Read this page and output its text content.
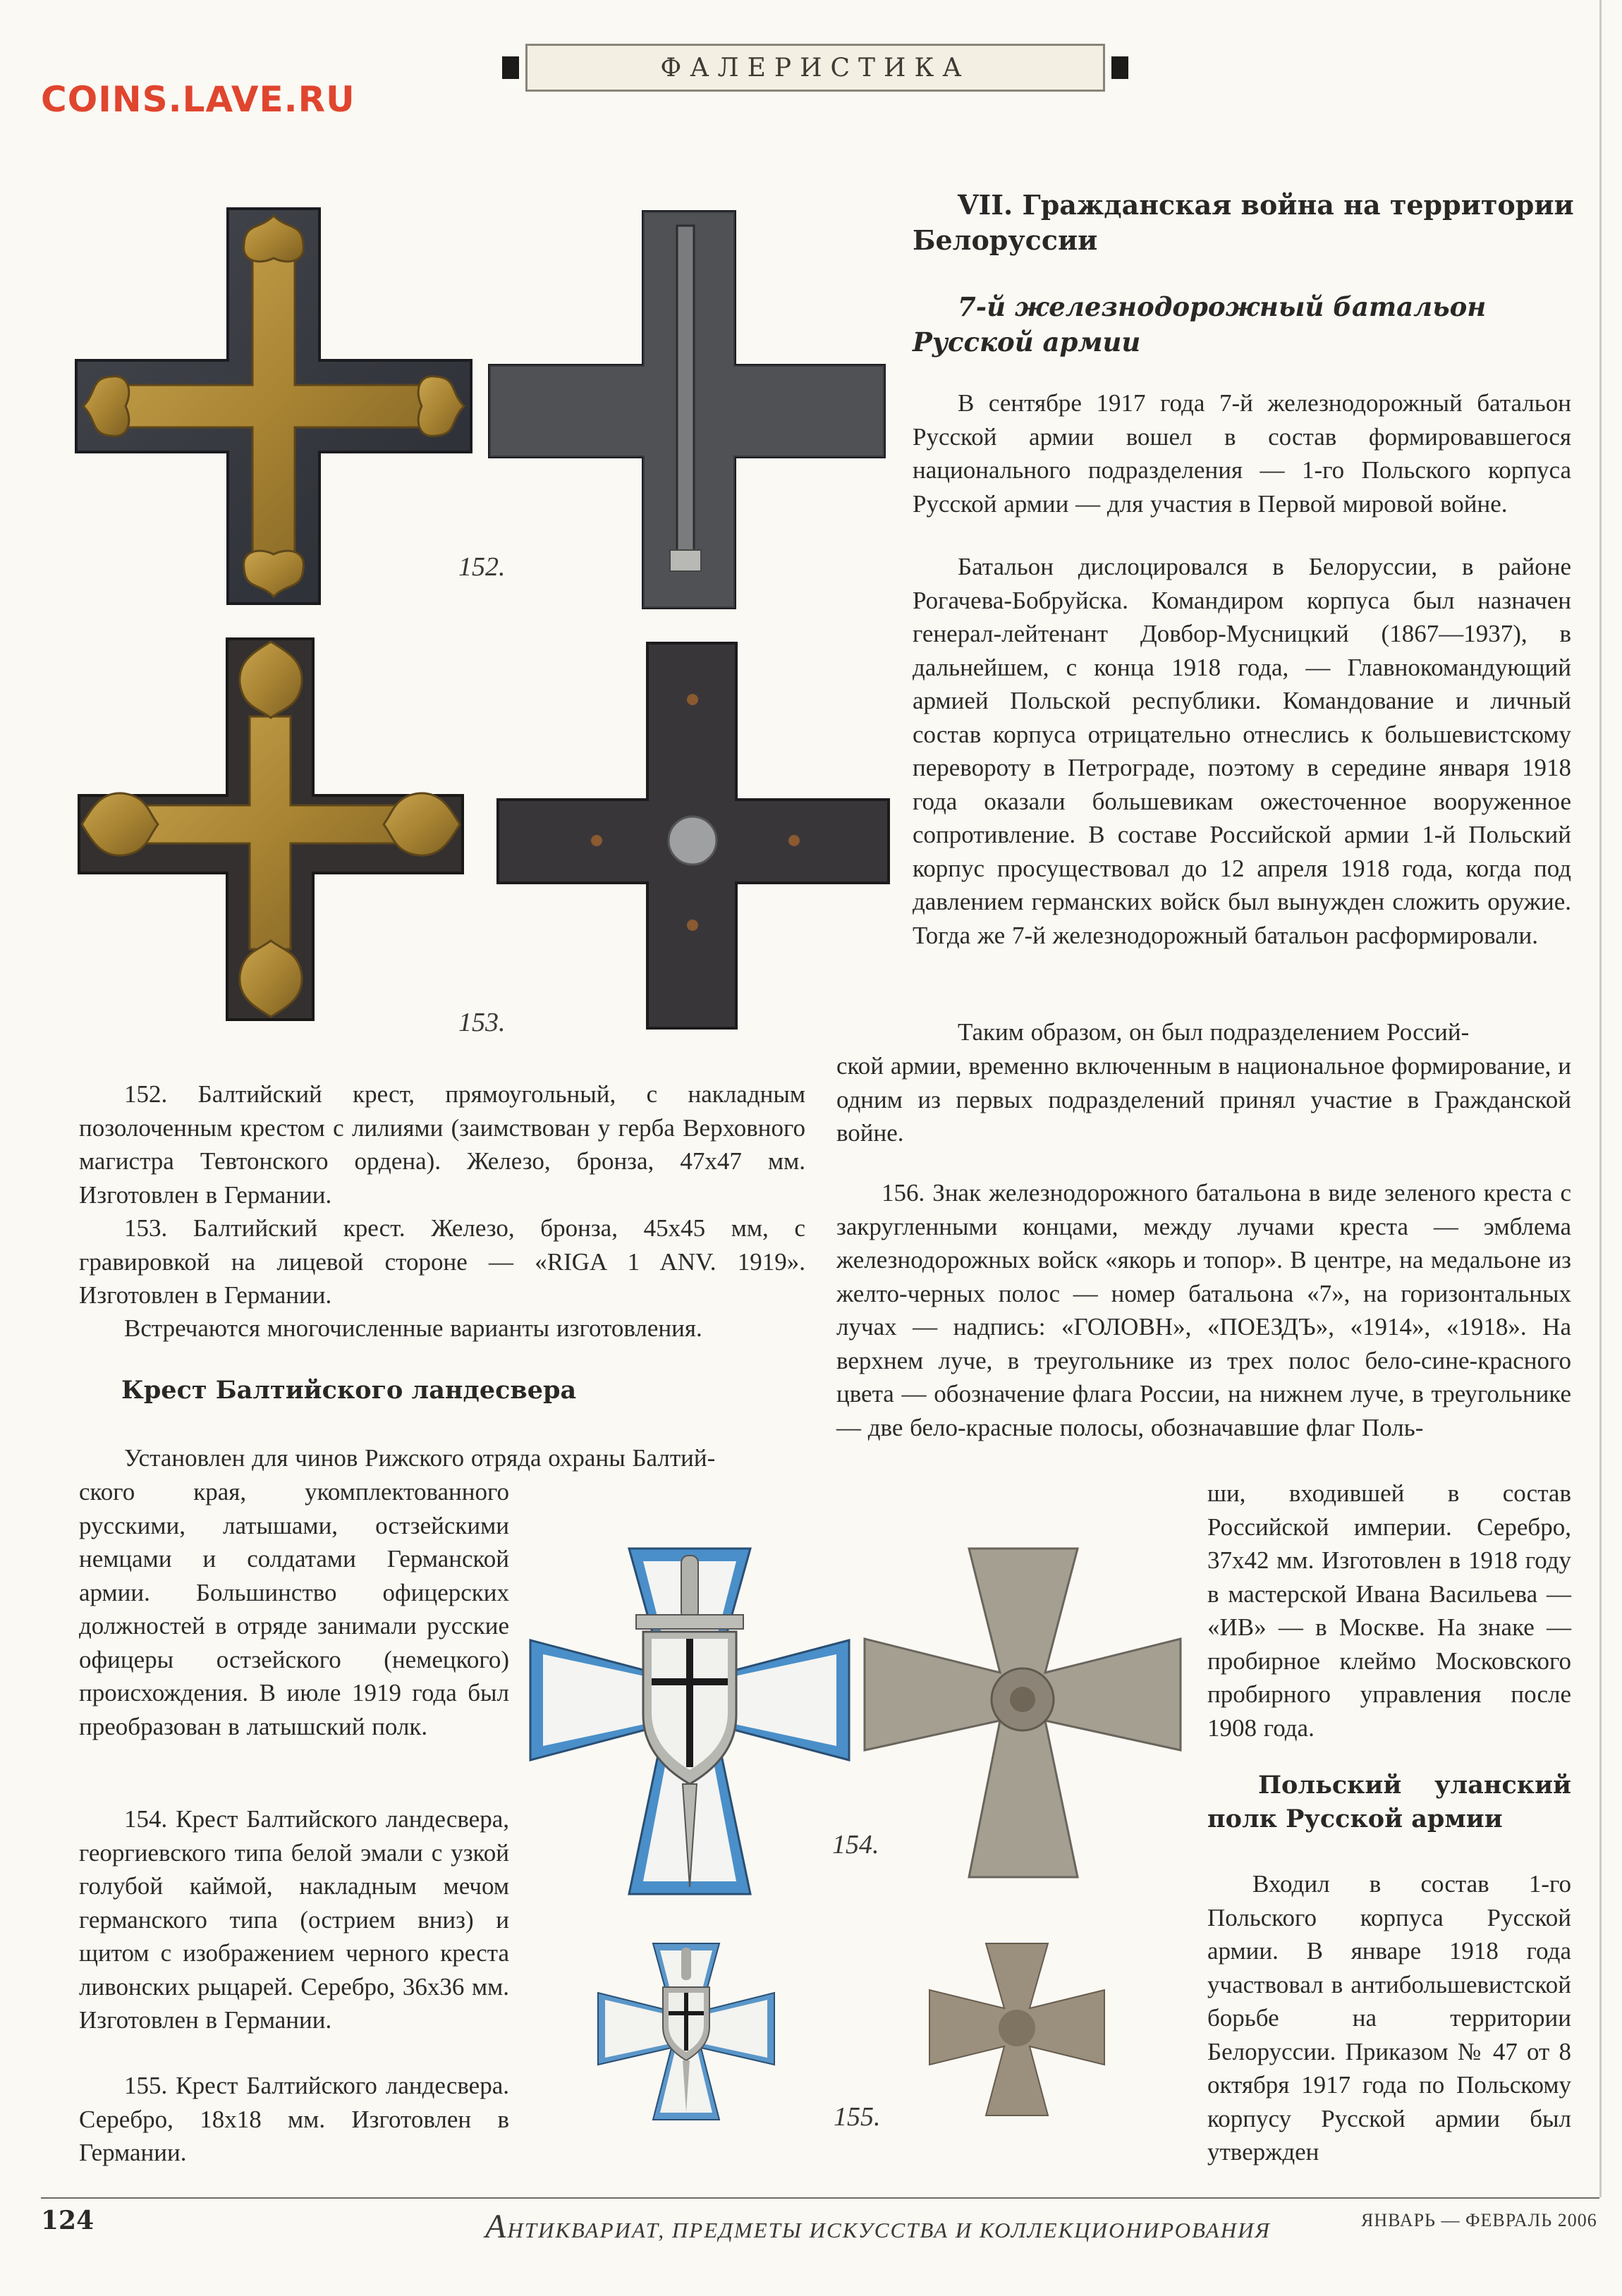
ФАЛЕРИСТИКА
COINS.LAVE.RU
152.
153.

152. Балтийский крест, прямоугольный, с накладным позолоченным крестом с лилиями (заимствован у герба Верховного магистра Тевтонского ордена). Железо, бронза, 47х47 мм. Изготовлен в Германии.

153. Балтийский крест. Железо, бронза, 45х45 мм, с гравировкой на лицевой стороне — «RIGA 1 ANV. 1919». Изготовлен в Германии.

Встречаются многочисленные варианты изготовления.

Крест Балтийского ландесвера

Установлен для чинов Рижского отряда охраны Балтий-

ского края, укомплектованного русскими, латышами, остзейскими немцами и солдатами Германской армии. Большинство офицерских должностей в отряде занимали русские офицеры остзейского (немецкого) происхождения. В июле 1919 года был преобразован в латышский полк.

154. Крест Балтийского ландесвера, георгиевского типа белой эмали с узкой голубой каймой, накладным мечом германского типа (острием вниз) и щитом с изображением черного креста ливонских рыцарей. Серебро, 36х36 мм. Изготовлен в Германии.

155. Крест Балтийского ландесвера. Серебро, 18х18 мм. Изготовлен в Германии.

154.
155.
VII. Гражданская война на территории Белоруссии
7-й железнодорожный батальон Русской армии

В сентябре 1917 года 7-й железнодорожный батальон Русской армии вошел в состав формировавшегося национального подразделения — 1-го Польского корпуса Русской армии — для участия в Первой мировой войне.

Батальон дислоцировался в Белоруссии, в районе Рогачева-Бобруйска. Командиром корпуса был назначен генерал-лейтенант Довбор-Мусницкий (1867—1937), в дальнейшем, с конца 1918 года, — Главнокомандующий армией Польской республики. Командование и личный состав корпуса отрицательно отнеслись к большевистскому перевороту в Петрограде, поэтому в середине января 1918 года оказали большевикам ожесточенное вооруженное сопротивление. В составе Российской армии 1-й Польский корпус просуществовал до 12 апреля 1918 года, когда под давлением германских войск был вынужден сложить оружие. Тогда же 7-й железнодорожный батальон расформировали.

Таким образом, он был подразделением Россий-

ской армии, временно включенным в национальное формирование, и одним из первых подразделений принял участие в Гражданской войне.

156. Знак железнодорожного батальона в виде зеленого креста с закругленными концами, между лучами креста — эмблема железнодорожных войск «якорь и топор». В центре, на медальоне из желто-черных полос — номер батальона «7», на горизонтальных лучах — надпись: «ГОЛОВН», «ПОЕЗДЪ», «1914», «1918». На верхнем луче, в треугольнике из трех полос бело-сине-красного цвета — обозначение флага России, на нижнем луче, в треугольнике — две бело-красные полосы, обозначавшие флаг Поль-

ши, входившей в состав Российской империи. Серебро, 37х42 мм. Изготовлен в 1918 году в мастерской Ивана Васильева — «ИВ» — в Москве. На знаке — пробирное клеймо Московского пробирного управления после 1908 года.

Польский уланский полк Русской армии

Входил в состав 1-го Польского корпуса Русской армии. В январе 1918 года участвовал в антибольшевистской борьбе на территории Белоруссии. Приказом № 47 от 8 октября 1917 года по Польскому корпусу Русской армии был утвержден

124	АНТИКВАРИАТ, ПРЕДМЕТЫ ИСКУССТВА И КОЛЛЕКЦИОНИРОВАНИЯ	ЯНВАРЬ — ФЕВРАЛЬ 2006
